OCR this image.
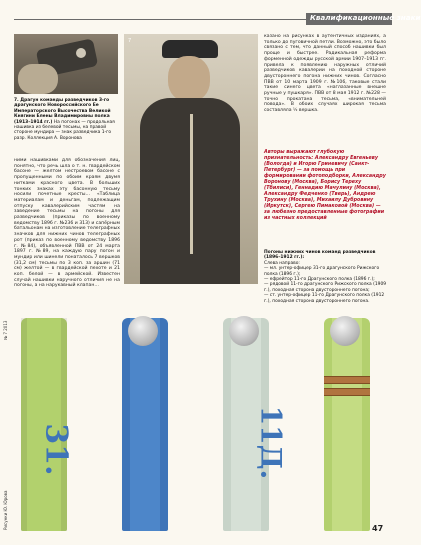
Квалификационные знаки
7. Драгун команды разведчиков 3-го драгунского Новороссийского Ее Императорского Высочества Великой Княгини Елены Владимировны полка (1913–1914 гг.) На погонах — продольная нашивка из белевой тесьмы, на правой стороне мундира — знак разведчика 1-го разр. Коллекция А. Воронова
ними нашивками для обозначения лиц, понятно, что речь шла о т. н. гвардейском басоне — желтом нестроевом басоне с пропущенными по обоим краям двумя нитками красного цвета. В больших тонких знаках эту басонную тесьму носили почетные кресты… «Таблица материалам и деньгам, подлежащим отпуску кавалерийским частям на заведение тесьмы на погоны для разведчиков (приказы по военному ведомству 1896 г. №236 и 313) и сапёрным батальонам на изготовление телеграфных значков для нижних чинов телеграфных рот (приказ по военному ведомству 1896 г. №84), объявленной ПВВ от 24 марта 1897 г. №89, на каждую пару погон и мундир или шинели понаталось 7 вершков (31,2 см) тесьмы по 3 коп. за аршин (71 см) желтой — в гвардейской пехоте и 21 коп. белой — в армейской. Известен случай нашивки наручного отличия не на погоны, а на нарукавный клапан…
7
казано на рисунках в аутентичных изданиях, а только до пуговичной петли. Возможно, это было связано с тем, что данный способ нашивки был проще и быстрее. Радикальная реформа форменной одежды русской армии 1907–1913 гг. привела к появлению наружных отличий разведчиков кавалерии на походной стороне двустороннего погона нижних чинов. Согласно ПВВ от 10 марта 1909 г. №106, таковые стали такие синего цвета «наглазанные внешне ручные у пушкаря». ПВВ от 8 мая 1912 г. №228 — точно прокатана тесьма, «внимательней повода». В обоих случаях широкая тесьма составляла ½ вершка.
Авторы выражают глубокую признательность: Александру Евгеньеву (Вологда) и Игорю Гриневичу (Санкт-Петербург) — за помощь при формировании фотоподборки, Александру Воронову (Москва), Борису Тереху (Тбилиси), Геннадию Мачулину (Москва), Александру Федченко (Тверь), Андрею Трухину (Москва), Михаилу Дубровину (Иркутск), Сергею Пимаковой (Москва) — за любезно предоставленные фотографии из частных коллекций
Погоны нижних чинов команд разведчиков (1896–1912 гг.):
Слева направо:
— мл. унтер-офицер 31-го драгунского Рижского полка (1896 г.);
— ефрейтор 11-го Драгунского полка (1896 г.);
— рядовой 11-го драгунского Рижского полка (1909 г.), походная сторона двустороннего погона;
— ст. унтер-офицер 11-го Драгунского полка (1912 г.), походная сторона двустороннего погона.
31.	11Д.
№ 7 2013
Рисунки Ю. Юрова	47
